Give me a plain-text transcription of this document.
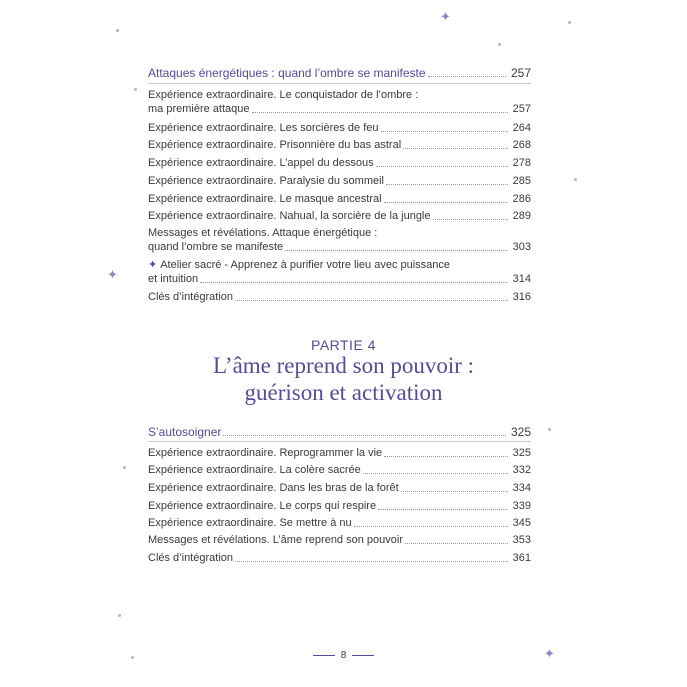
✦
✦
✦
Attaques énergétiques : quand l’ombre se manifeste	257
Expérience extraordinaire. Le conquistador de l’ombre :
ma première attaque	257
Expérience extraordinaire. Les sorcières de feu	264
Expérience extraordinaire. Prisonnière du bas astral	268
Expérience extraordinaire. L’appel du dessous	278
Expérience extraordinaire. Paralysie du sommeil	285
Expérience extraordinaire. Le masque ancestral	286
Expérience extraordinaire. Nahual, la sorcière de la jungle	289
Messages et révélations. Attaque énergétique :
quand l’ombre se manifeste	303
✦ Atelier sacré - Apprenez à purifier votre lieu avec puissance
et intuition	314
Clés d’intégration	316
PARTIE 4
L’âme reprend son pouvoir :
guérison et activation
S’autosoigner	325
Expérience extraordinaire. Reprogrammer la vie	325
Expérience extraordinaire. La colère sacrée	332
Expérience extraordinaire. Dans les bras de la forêt	334
Expérience extraordinaire. Le corps qui respire	339
Expérience extraordinaire. Se mettre à nu	345
Messages et révélations. L’âme reprend son pouvoir	353
Clés d’intégration	361
8
